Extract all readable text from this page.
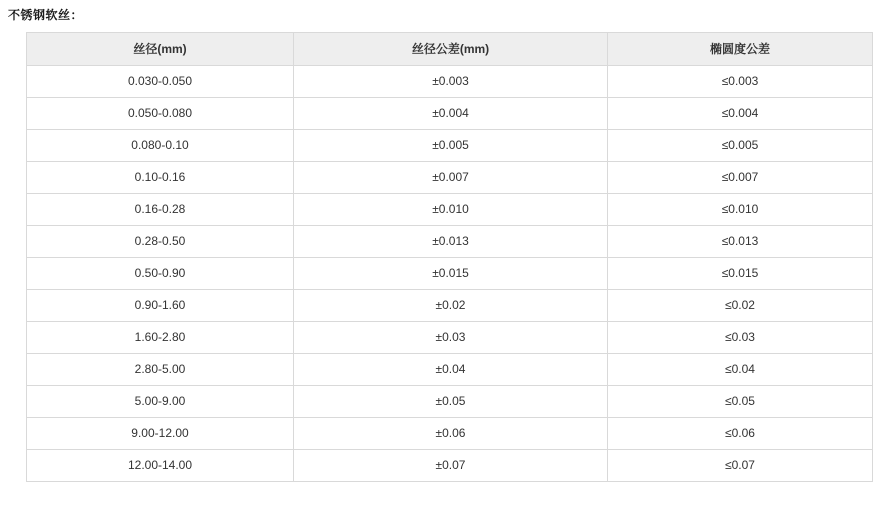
不锈钢软丝：
丝径(mm)	丝径公差(mm)	椭圆度公差
0.030-0.050	±0.003	≤0.003
0.050-0.080	±0.004	≤0.004
0.080-0.10	±0.005	≤0.005
0.10-0.16	±0.007	≤0.007
0.16-0.28	±0.010	≤0.010
0.28-0.50	±0.013	≤0.013
0.50-0.90	±0.015	≤0.015
0.90-1.60	±0.02	≤0.02
1.60-2.80	±0.03	≤0.03
2.80-5.00	±0.04	≤0.04
5.00-9.00	±0.05	≤0.05
9.00-12.00	±0.06	≤0.06
12.00-14.00	±0.07	≤0.07
